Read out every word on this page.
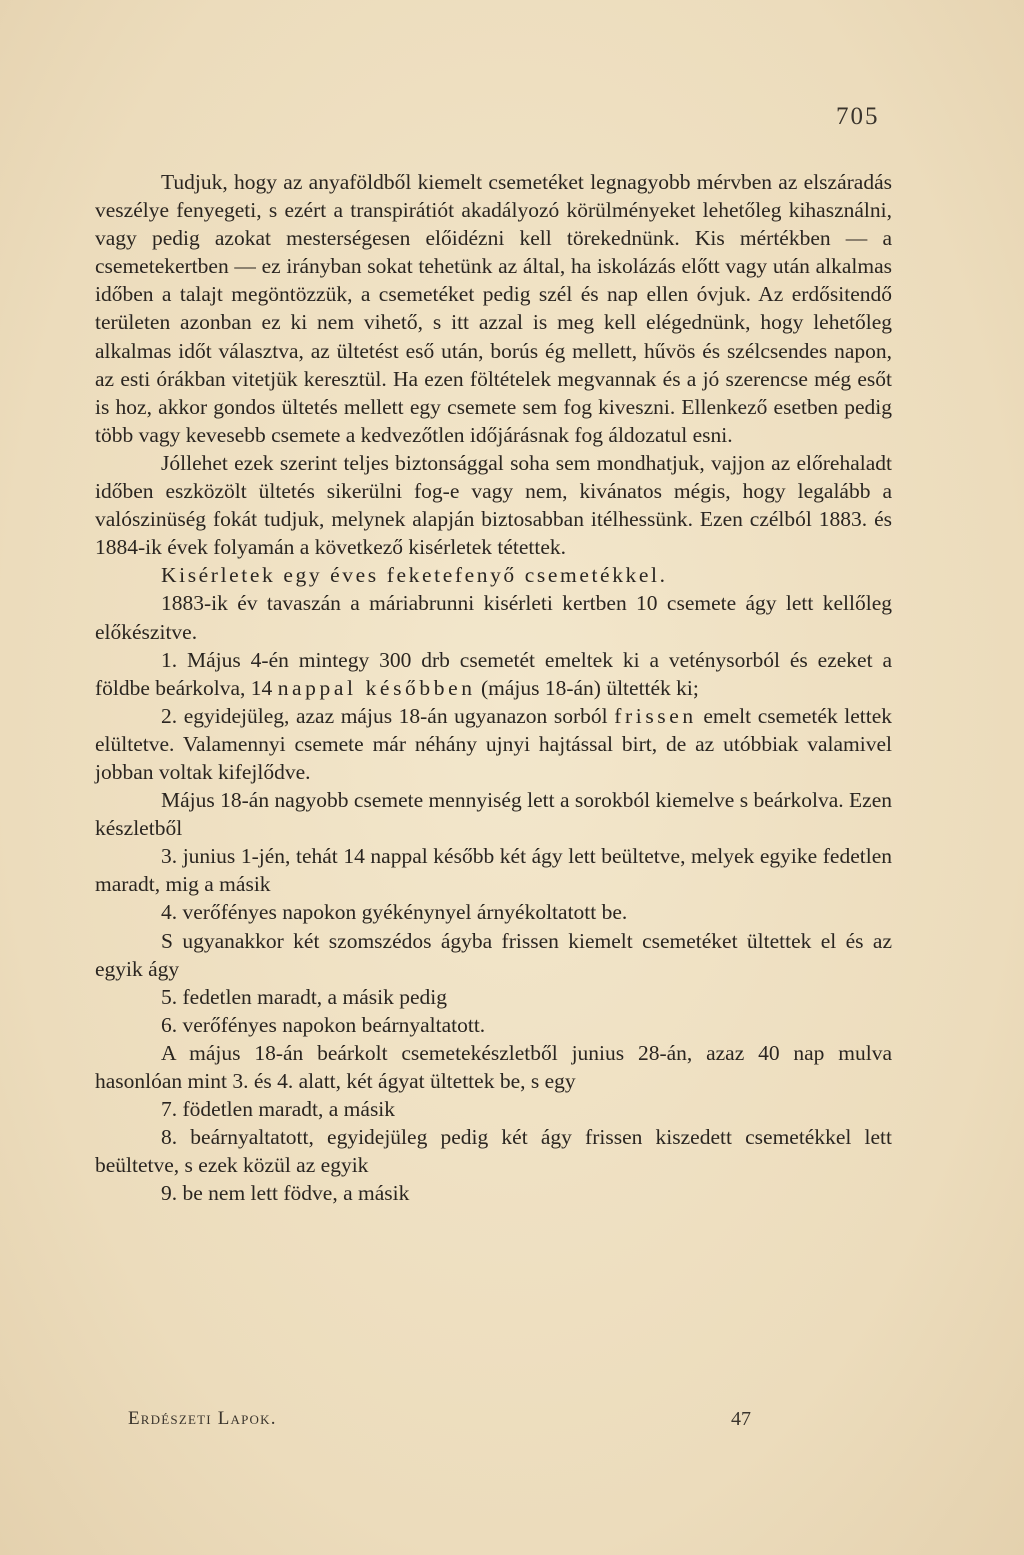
705

Tudjuk, hogy az anyaföldből kiemelt csemetéket legnagyobb mérvben az elszáradás veszélye fenyegeti, s ezért a transpirátiót akadályozó körülményeket lehetőleg kihasználni, vagy pedig azokat mesterségesen előidézni kell törekednünk. Kis mértékben — a csemetekertben — ez irányban sokat tehetünk az által, ha iskolázás előtt vagy után alkalmas időben a talajt megöntözzük, a csemetéket pedig szél és nap ellen óvjuk. Az erdősitendő területen azonban ez ki nem vihető, s itt azzal is meg kell elégednünk, hogy lehetőleg alkalmas időt választva, az ültetést eső után, borús ég mellett, hűvös és szélcsendes napon, az esti órákban vitetjük keresztül. Ha ezen föltételek megvannak és a jó szerencse még esőt is hoz, akkor gondos ültetés mellett egy csemete sem fog kiveszni. Ellenkező esetben pedig több vagy kevesebb csemete a kedvezőtlen időjárásnak fog áldozatul esni.

Jóllehet ezek szerint teljes biztonsággal soha sem mondhatjuk, vajjon az előrehaladt időben eszközölt ültetés sikerülni fog-e vagy nem, kivánatos mégis, hogy legalább a valószinüség fokát tudjuk, melynek alapján biztosabban itélhessünk. Ezen czélból 1883. és 1884-ik évek folyamán a következő kisérletek tétettek.

Kisérletek egy éves feketefenyő csemetékkel.

1883-ik év tavaszán a máriabrunni kisérleti kertben 10 csemete ágy lett kellőleg előkészitve.

1. Május 4-én mintegy 300 drb csemetét emeltek ki a veténysorból és ezeket a földbe beárkolva, 14 nappal későbben (május 18-án) ültették ki;

2. egyidejüleg, azaz május 18-án ugyanazon sorból frissen emelt csemeték lettek elültetve. Valamennyi csemete már néhány ujnyi hajtással birt, de az utóbbiak valamivel jobban voltak kifejlődve.

Május 18-án nagyobb csemete mennyiség lett a sorokból kiemelve s beárkolva. Ezen készletből

3. junius 1-jén, tehát 14 nappal később két ágy lett beültetve, melyek egyike fedetlen maradt, mig a másik

4. verőfényes napokon gyékénynyel árnyékoltatott be.

S ugyanakkor két szomszédos ágyba frissen kiemelt csemetéket ültettek el és az egyik ágy

5. fedetlen maradt, a másik pedig

6. verőfényes napokon beárnyaltatott.

A május 18-án beárkolt csemetekészletből junius 28-án, azaz 40 nap mulva hasonlóan mint 3. és 4. alatt, két ágyat ültettek be, s egy

7. födetlen maradt, a másik

8. beárnyaltatott, egyidejüleg pedig két ágy frissen kiszedett csemetékkel lett beültetve, s ezek közül az egyik

9. be nem lett födve, a másik

Erdészeti Lapok.	47
